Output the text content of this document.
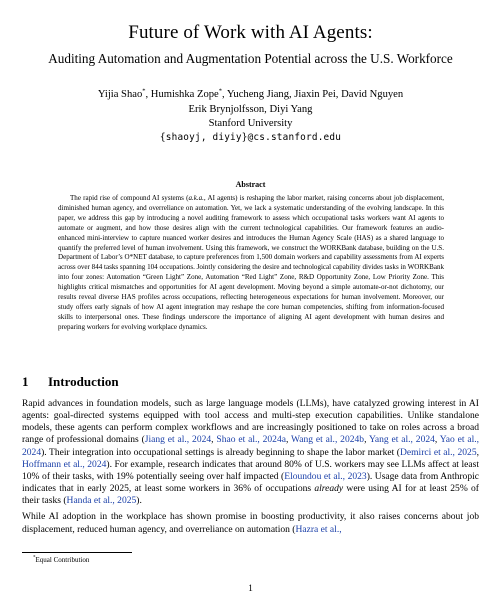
Future of Work with AI Agents:
Auditing Automation and Augmentation Potential across the U.S. Workforce
Yijia Shao*, Humishka Zope*, Yucheng Jiang, Jiaxin Pei, David Nguyen
Erik Brynjolfsson, Diyi Yang
Stanford University
{shaoyj, diyiy}@cs.stanford.edu
Abstract
The rapid rise of compound AI systems (a.k.a., AI agents) is reshaping the labor market, raising concerns about job displacement, diminished human agency, and overreliance on automation. Yet, we lack a systematic understanding of the evolving landscape. In this paper, we address this gap by introducing a novel auditing framework to assess which occupational tasks workers want AI agents to automate or augment, and how those desires align with the current technological capabilities. Our framework features an audio-enhanced mini-interview to capture nuanced worker desires and introduces the Human Agency Scale (HAS) as a shared language to quantify the preferred level of human involvement. Using this framework, we construct the WORKBank database, building on the U.S. Department of Labor’s O*NET database, to capture preferences from 1,500 domain workers and capability assessments from AI experts across over 844 tasks spanning 104 occupations. Jointly considering the desire and technological capability divides tasks in WORKBank into four zones: Automation “Green Light” Zone, Automation “Red Light” Zone, R&D Opportunity Zone, Low Priority Zone. This highlights critical mismatches and opportunities for AI agent development. Moving beyond a simple automate-or-not dichotomy, our results reveal diverse HAS profiles across occupations, reflecting heterogeneous expectations for human involvement. Moreover, our study offers early signals of how AI agent integration may reshape the core human competencies, shifting from information-focused skills to interpersonal ones. These findings underscore the importance of aligning AI agent development with human desires and preparing workers for evolving workplace dynamics.
1 Introduction

Rapid advances in foundation models, such as large language models (LLMs), have catalyzed growing interest in AI agents: goal-directed systems equipped with tool access and multi-step execution capabilities. Unlike standalone models, these agents can perform complex workflows and are increasingly positioned to take on roles across a broad range of professional domains (Jiang et al., 2024, Shao et al., 2024a, Wang et al., 2024b, Yang et al., 2024, Yao et al., 2024). Their integration into occupational settings is already beginning to shape the labor market (Demirci et al., 2025, Hoffmann et al., 2024). For example, research indicates that around 80% of U.S. workers may see LLMs affect at least 10% of their tasks, with 19% potentially seeing over half impacted (Eloundou et al., 2023). Usage data from Anthropic indicates that in early 2025, at least some workers in 36% of occupations already were using AI for at least 25% of their tasks (Handa et al., 2025).

While AI adoption in the workplace has shown promise in boosting productivity, it also raises concerns about job displacement, reduced human agency, and overreliance on automation (Hazra et al.,

*Equal Contribution
1
